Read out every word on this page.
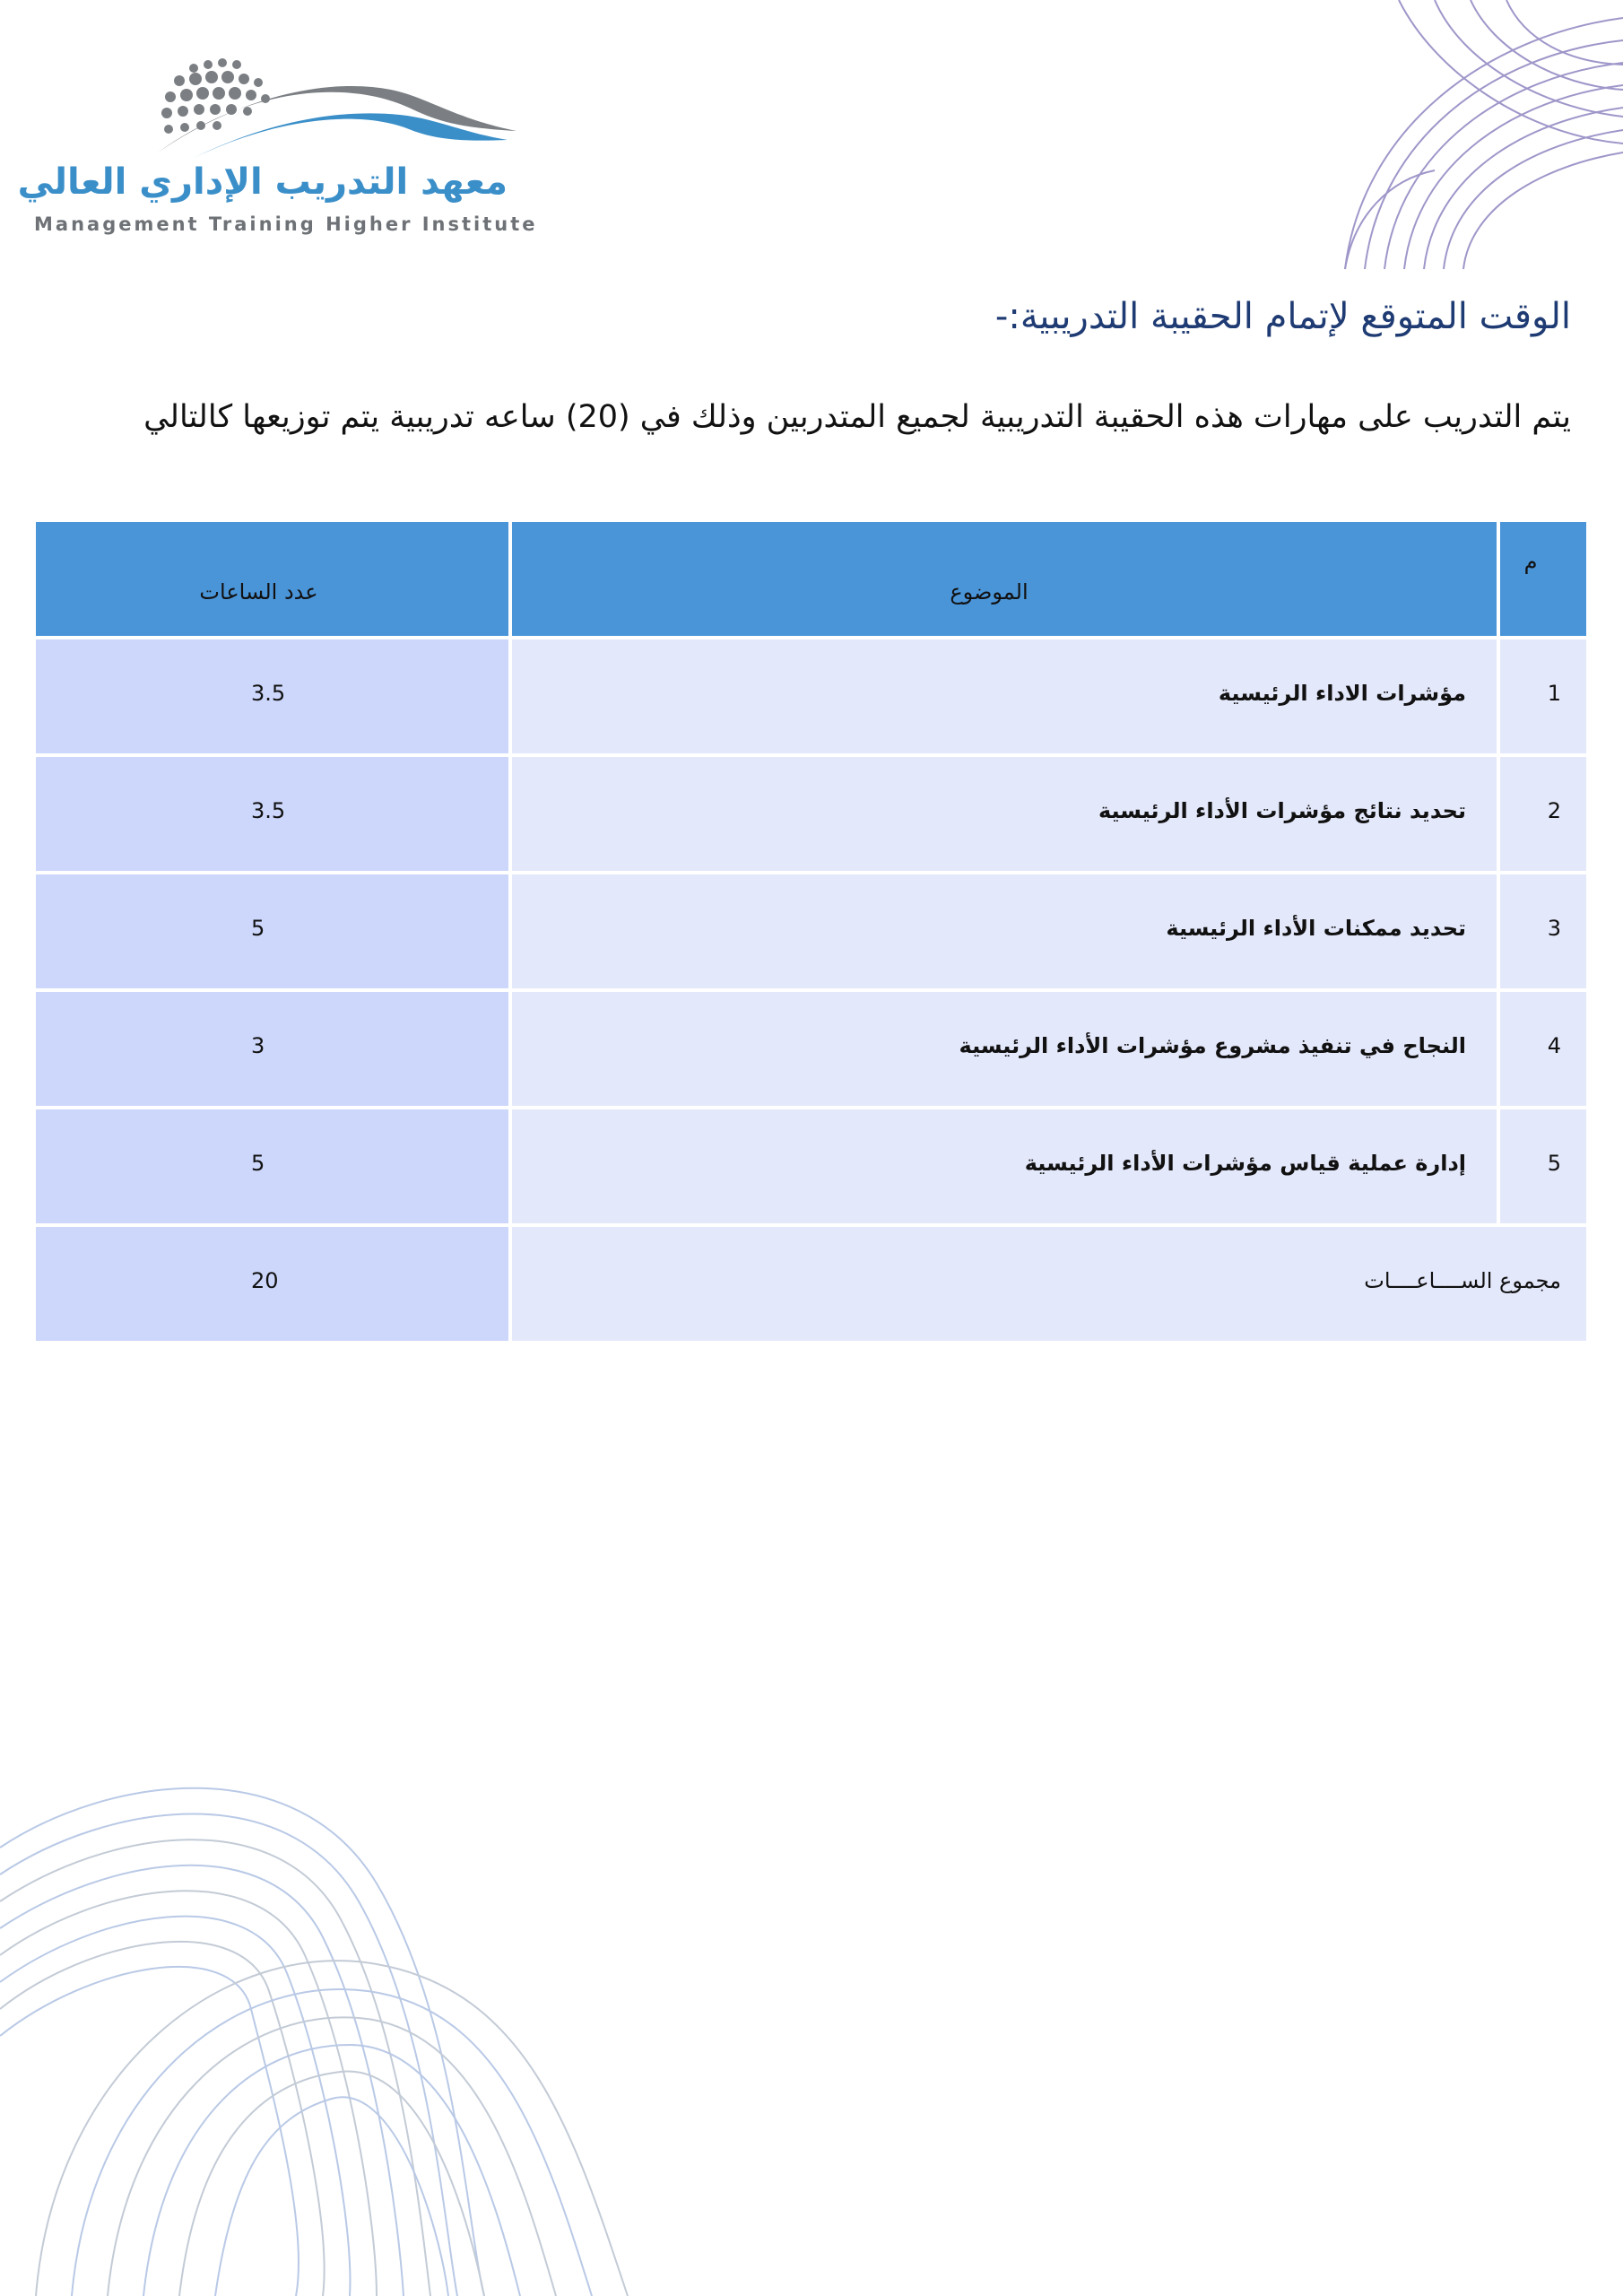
معهد التدريب الإداري العالي
Management Training Higher Institute
الوقت المتوقع لإتمام الحقيبة التدريبية:-
يتم التدريب على مهارات هذه الحقيبة التدريبية لجميع المتدربين وذلك في (20) ساعه تدريبية يتم توزيعها كالتالي
م	الموضوع	عدد الساعات

1	مؤشرات الاداء الرئيسية	3.5

2	تحديد نتائج مؤشرات الأداء الرئيسية	3.5

3	تحديد ممكنات الأداء الرئيسية	5

4	النجاح في تنفيذ مشروع مؤشرات الأداء الرئيسية	3

5	إدارة عملية قياس مؤشرات الأداء الرئيسية	5

مجموع الســــاعــــات		20
